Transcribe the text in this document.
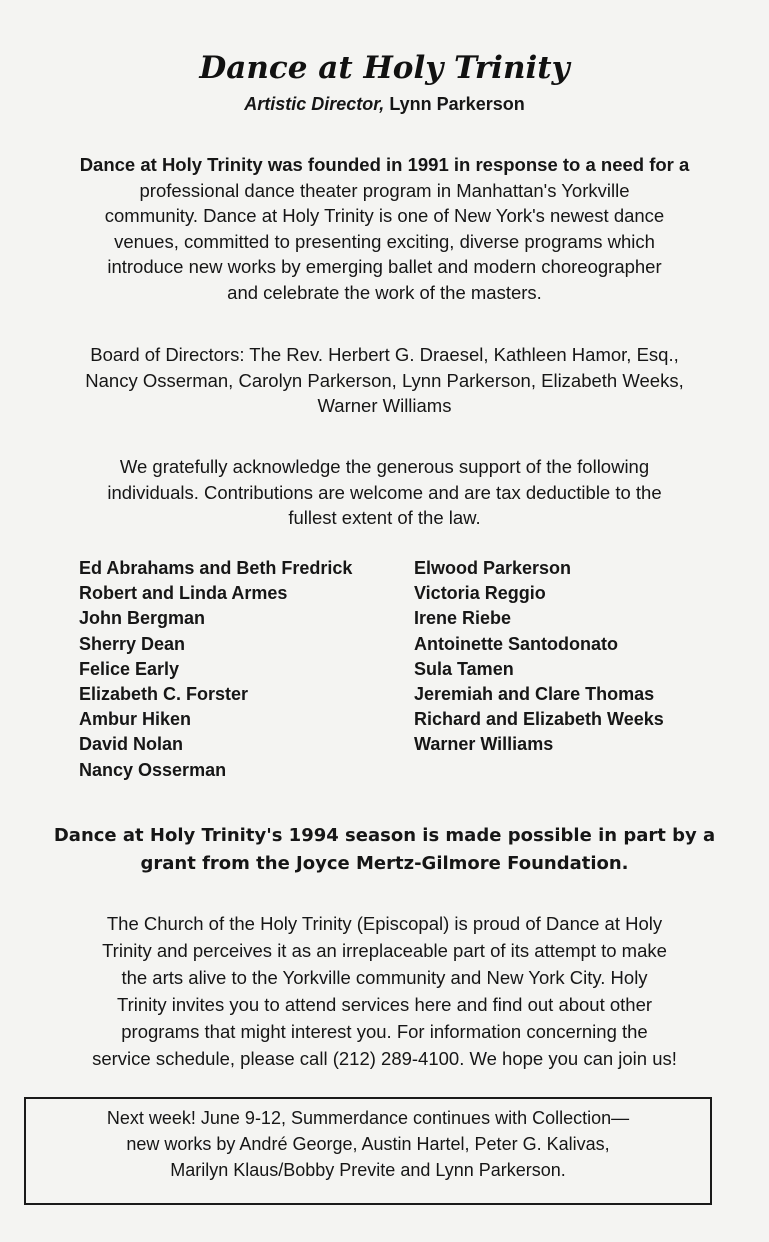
Dance at Holy Trinity
Artistic Director, Lynn Parkerson
Dance at Holy Trinity was founded in 1991 in response to a need for a
professional dance theater program in Manhattan's Yorkville
community. Dance at Holy Trinity is one of New York's newest dance
venues, committed to presenting exciting, diverse programs which
introduce new works by emerging ballet and modern choreographer
and celebrate the work of the masters.
Board of Directors: The Rev. Herbert G. Draesel, Kathleen Hamor, Esq.,
Nancy Osserman, Carolyn Parkerson, Lynn Parkerson, Elizabeth Weeks,
Warner Williams
We gratefully acknowledge the generous support of the following
individuals. Contributions are welcome and are tax deductible to the
fullest extent of the law.
Ed Abrahams and Beth Fredrick
Robert and Linda Armes
John Bergman
Sherry Dean
Felice Early
Elizabeth C. Forster
Ambur Hiken
David Nolan
Nancy Osserman
Elwood Parkerson
Victoria Reggio
Irene Riebe
Antoinette Santodonato
Sula Tamen
Jeremiah and Clare Thomas
Richard and Elizabeth Weeks
Warner Williams
Dance at Holy Trinity's 1994 season is made possible in part by a
grant from the Joyce Mertz-Gilmore Foundation.
The Church of the Holy Trinity (Episcopal) is proud of Dance at Holy
Trinity and perceives it as an irreplaceable part of its attempt to make
the arts alive to the Yorkville community and New York City. Holy
Trinity invites you to attend services here and find out about other
programs that might interest you. For information concerning the
service schedule, please call (212) 289-4100. We hope you can join us!
Next week! June 9-12, Summerdance continues with Collection—
new works by André George, Austin Hartel, Peter G. Kalivas,
Marilyn Klaus/Bobby Previte and Lynn Parkerson.
